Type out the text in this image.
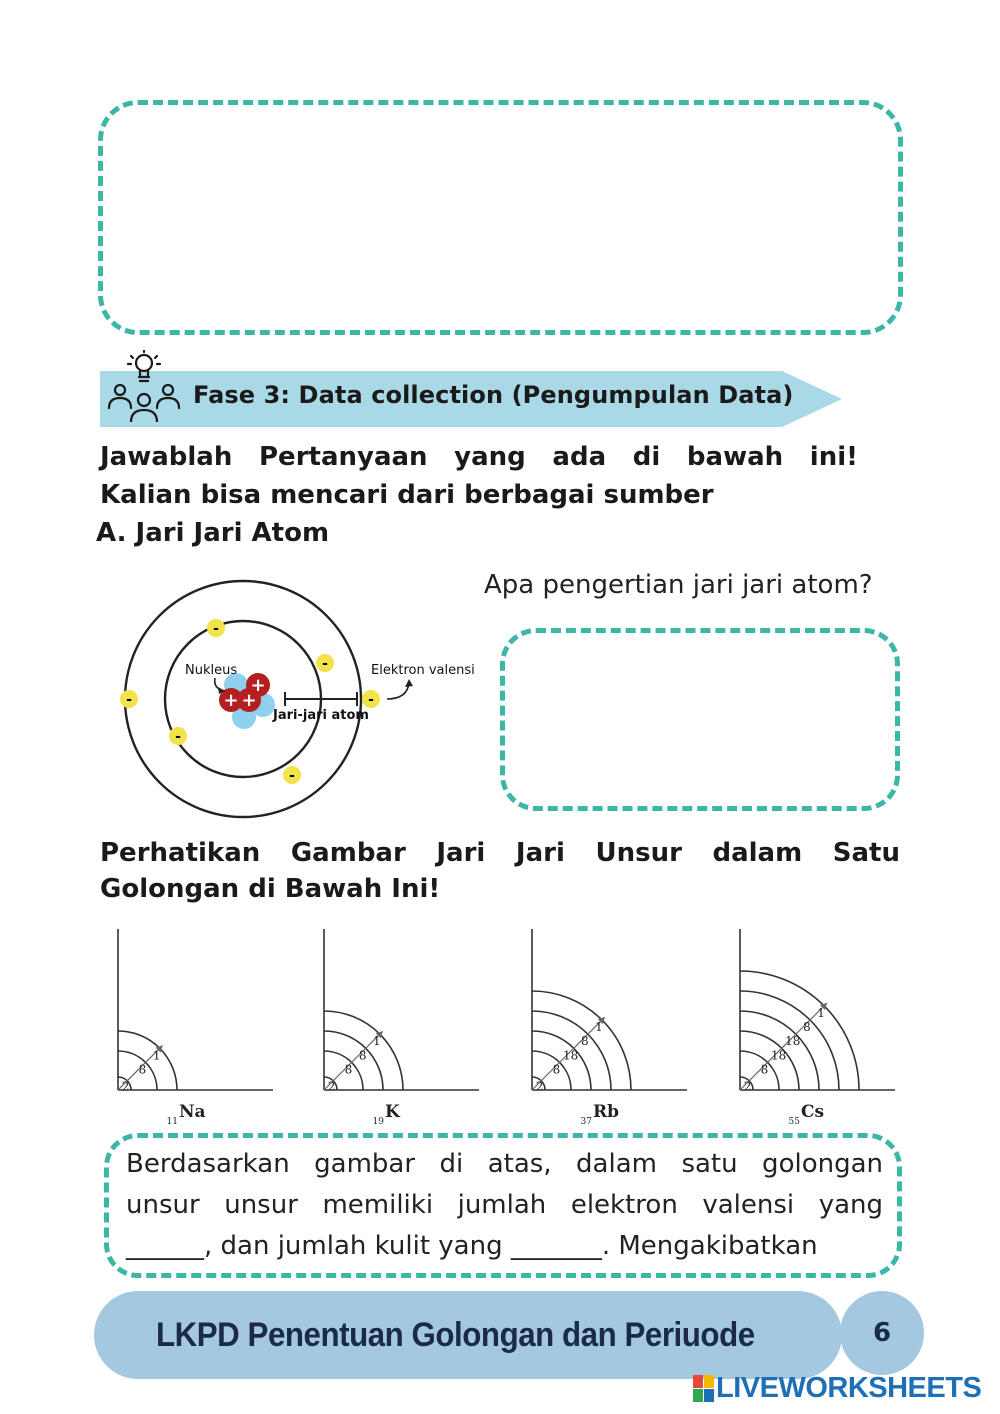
Fase 3: Data collection (Pengumpulan Data)
Jawablah Pertanyaan yang ada di bawah ini!
Kalian bisa mencari dari berbagai sumber
A. Jari Jari Atom
Apa pengertian jari jari atom?
+
+ +
-
-
-	-
-
-
Jari-jari atom
Nukleus	Elektron valensi
Perhatikan Gambar Jari Jari Unsur dalam Satu
Golongan di Bawah Ini!
2
8
1
11 Na
2
8
8
1
19 K
2
8
18
8
1
37 Rb
2
8
18
18
8
1
55 Cs
Berdasarkan gambar di atas, dalam satu golongan
unsur unsur memiliki jumlah elektron valensi yang
______, dan jumlah kulit yang _______. Mengakibatkan
LKPD Penentuan Golongan dan Periuode	6
LIVEWORKSHEETS
